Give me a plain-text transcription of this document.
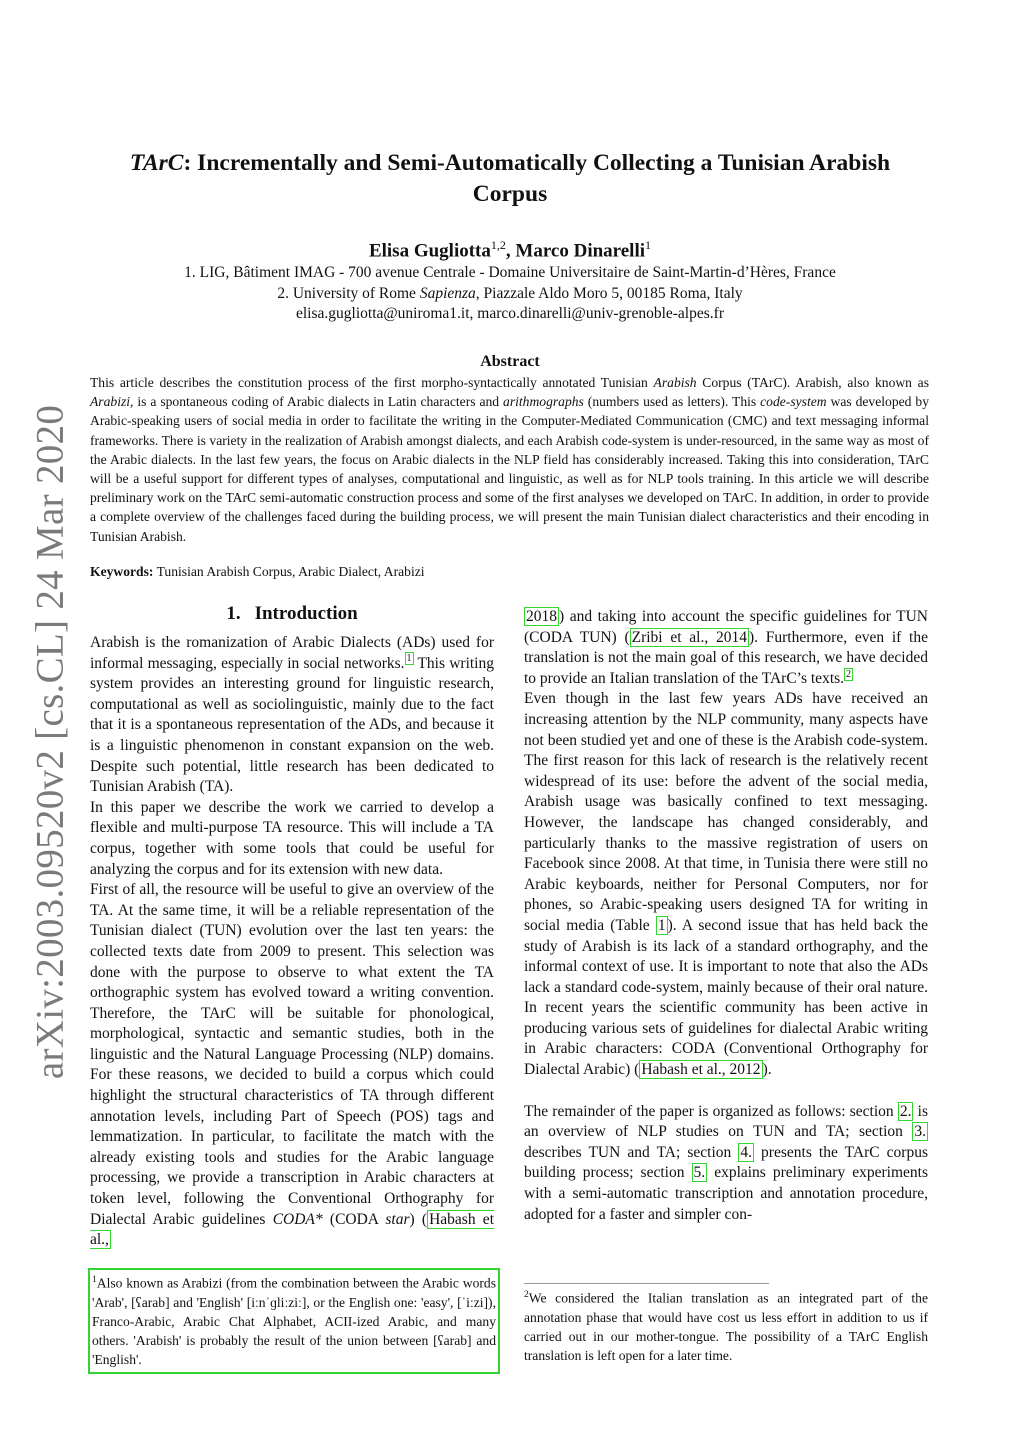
arXiv:2003.09520v2 [cs.CL] 24 Mar 2020
TArC: Incrementally and Semi-Automatically Collecting a Tunisian Arabish Corpus
Elisa Gugliotta$^{1,2}$, Marco Dinarelli$^1$
1. LIG, Bâtiment IMAG - 700 avenue Centrale - Domaine Universitaire de Saint-Martin-d’Hères, France
2. University of Rome Sapienza, Piazzale Aldo Moro 5, 00185 Roma, Italy
elisa.gugliotta@uniroma1.it, marco.dinarelli@univ-grenoble-alpes.fr
Abstract
This article describes the constitution process of the first morpho-syntactically annotated Tunisian Arabish Corpus (TArC). Arabish, also known as Arabizi, is a spontaneous coding of Arabic dialects in Latin characters and arithmographs (numbers used as letters). This code-system was developed by Arabic-speaking users of social media in order to facilitate the writing in the Computer-Mediated Communication (CMC) and text messaging informal frameworks. There is variety in the realization of Arabish amongst dialects, and each Arabish code-system is under-resourced, in the same way as most of the Arabic dialects. In the last few years, the focus on Arabic dialects in the NLP field has considerably increased. Taking this into consideration, TArC will be a useful support for different types of analyses, computational and linguistic, as well as for NLP tools training. In this article we will describe preliminary work on the TArC semi-automatic construction process and some of the first analyses we developed on TArC. In addition, in order to provide a complete overview of the challenges faced during the building process, we will present the main Tunisian dialect characteristics and their encoding in Tunisian Arabish.
Keywords: Tunisian Arabish Corpus, Arabic Dialect, Arabizi
1. Introduction

Arabish is the romanization of Arabic Dialects (ADs) used for informal messaging, especially in social networks. $^1$ This writing system provides an interesting ground for linguistic research, computational as well as sociolinguistic, mainly due to the fact that it is a spontaneous representation of the ADs, and because it is a linguistic phenomenon in constant expansion on the web. Despite such potential, little research has been dedicated to Tunisian Arabish (TA).

In this paper we describe the work we carried to develop a flexible and multi-purpose TA resource. This will include a TA corpus, together with some tools that could be useful for analyzing the corpus and for its extension with new data.

First of all, the resource will be useful to give an overview of the TA. At the same time, it will be a reliable representation of the Tunisian dialect (TUN) evolution over the last ten years: the collected texts date from 2009 to present. This selection was done with the purpose to observe to what extent the TA orthographic system has evolved toward a writing convention. Therefore, the TArC will be suitable for phonological, morphological, syntactic and semantic studies, both in the linguistic and the Natural Language Processing (NLP) domains. For these reasons, we decided to build a corpus which could highlight the structural characteristics of TA through different annotation levels, including Part of Speech (POS) tags and lemmatization. In particular, to facilitate the match with the already existing tools and studies for the Arabic language processing, we provide a transcription in Arabic characters at token level, following the Conventional Orthography for Dialectal Arabic guidelines CODA* (CODA star) ( Habash et al.,

2018 ) and taking into account the specific guidelines for TUN (CODA TUN) ( Zribi et al., 2014 ). Furthermore, even if the translation is not the main goal of this research, we have decided to provide an Italian translation of the TArC’s texts. $^2$

Even though in the last few years ADs have received an increasing attention by the NLP community, many aspects have not been studied yet and one of these is the Arabish code-system. The first reason for this lack of research is the relatively recent widespread of its use: before the advent of the social media, Arabish usage was basically confined to text messaging. However, the landscape has changed considerably, and particularly thanks to the massive registration of users on Facebook since 2008. At that time, in Tunisia there were still no Arabic keyboards, neither for Personal Computers, nor for phones, so Arabic-speaking users designed TA for writing in social media (Table 1 ). A second issue that has held back the study of Arabish is its lack of a standard orthography, and the informal context of use. It is important to note that also the ADs lack a standard code-system, mainly because of their oral nature. In recent years the scientific community has been active in producing various sets of guidelines for dialectal Arabic writing in Arabic characters: CODA (Conventional Orthography for Dialectal Arabic) ( Habash et al., 2012 ).

The remainder of the paper is organized as follows: section 2. is an overview of NLP studies on TUN and TA; section 3. describes TUN and TA; section 4. presents the TArC corpus building process; section 5. explains preliminary experiments with a semi-automatic transcription and annotation procedure, adopted for a faster and simpler con-

$^1$Also known as Arabizi (from the combination between the Arabic words 'Arab', [ʕarab] and 'English' [iːnˈɡliːziː], or the English one: 'easy', [ˈiːzi]), Franco-Arabic, Arabic Chat Alphabet, ACII-ized Arabic, and many others. 'Arabish' is probably the result of the union between [ʕarab] and 'English'.
$^2$We considered the Italian translation as an integrated part of the annotation phase that would have cost us less effort in addition to us if carried out in our mother-tongue. The possibility of a TArC English translation is left open for a later time.
